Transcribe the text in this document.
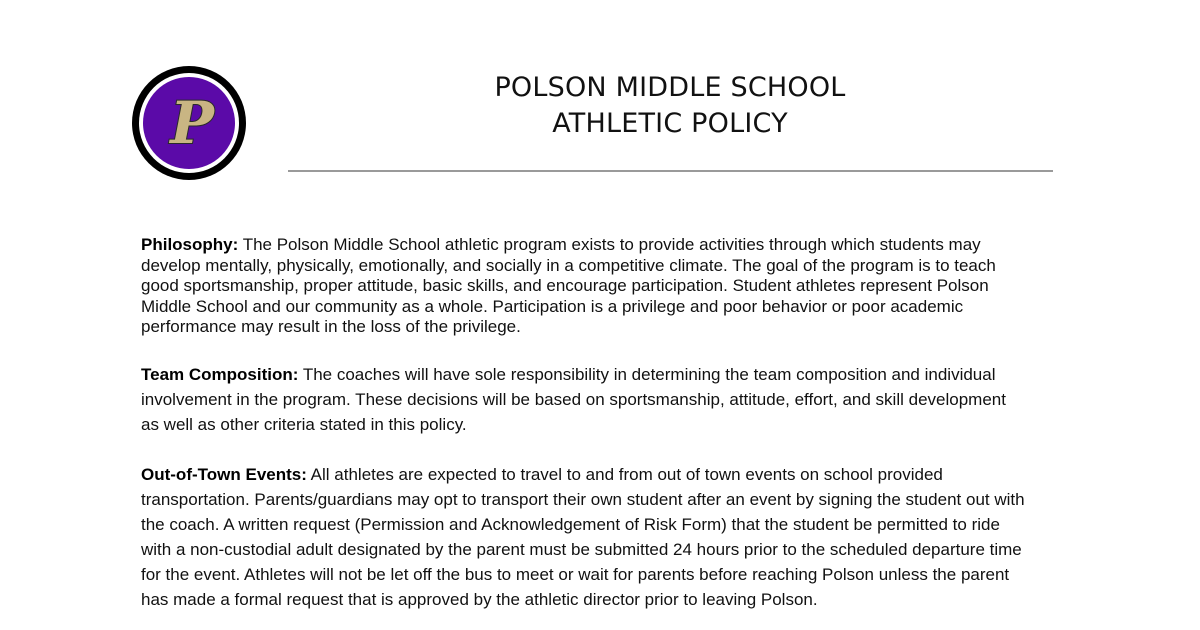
P
POLSON MIDDLE SCHOOL
ATHLETIC POLICY
Philosophy: The Polson Middle School athletic program exists to provide activities through which students may
develop mentally, physically, emotionally, and socially in a competitive climate. The goal of the program is to teach
good sportsmanship, proper attitude, basic skills, and encourage participation. Student athletes represent Polson
Middle School and our community as a whole. Participation is a privilege and poor behavior or poor academic
performance may result in the loss of the privilege.
Team Composition: The coaches will have sole responsibility in determining the team composition and individual
involvement in the program. These decisions will be based on sportsmanship, attitude, effort, and skill development
as well as other criteria stated in this policy.
Out-of-Town Events: All athletes are expected to travel to and from out of town events on school provided
transportation. Parents/guardians may opt to transport their own student after an event by signing the student out with
the coach. A written request (Permission and Acknowledgement of Risk Form) that the student be permitted to ride
with a non-custodial adult designated by the parent must be submitted 24 hours prior to the scheduled departure time
for the event. Athletes will not be let off the bus to meet or wait for parents before reaching Polson unless the parent
has made a formal request that is approved by the athletic director prior to leaving Polson.
